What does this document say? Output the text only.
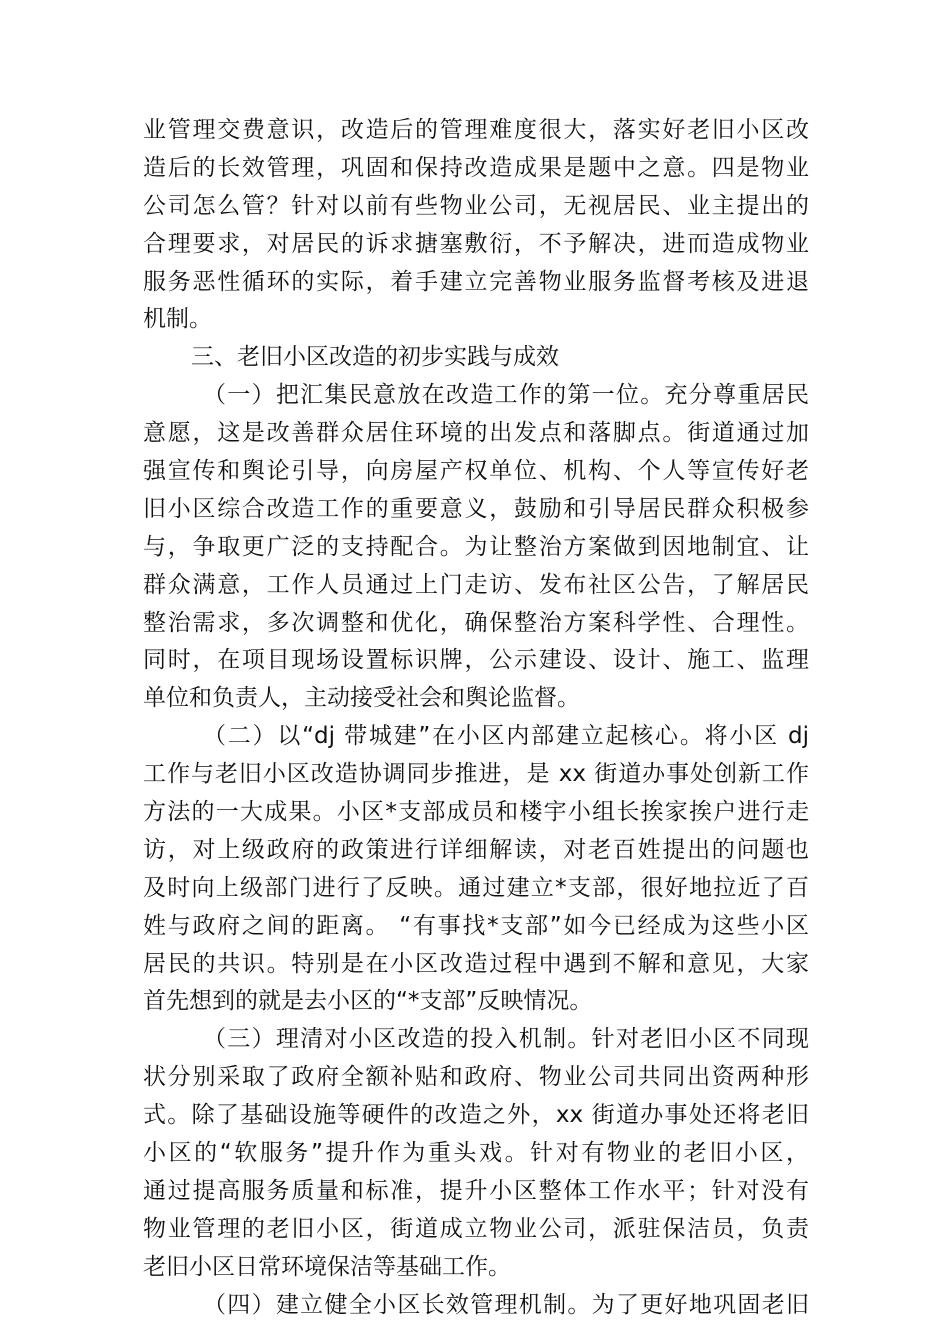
业管理交费意识，改造后的管理难度很大，落实好老旧小区改
造后的长效管理，巩固和保持改造成果是题中之意。四是物业
公司怎么管？针对以前有些物业公司，无视居民、业主提出的
合理要求，对居民的诉求搪塞敷衍，不予解决，进而造成物业
服务恶性循环的实际，着手建立完善物业服务监督考核及进退
机制。
三、老旧小区改造的初步实践与成效
（一）把汇集民意放在改造工作的第一位。充分尊重居民
意愿，这是改善群众居住环境的出发点和落脚点。街道通过加
强宣传和舆论引导，向房屋产权单位、机构、个人等宣传好老
旧小区综合改造工作的重要意义，鼓励和引导居民群众积极参
与，争取更广泛的支持配合。为让整治方案做到因地制宜、让
群众满意，工作人员通过上门走访、发布社区公告，了解居民
整治需求，多次调整和优化，确保整治方案科学性、合理性。
同时，在项目现场设置标识牌，公示建设、设计、施工、监理
单位和负责人，主动接受社会和舆论监督。
（二）以“dj 带城建”在小区内部建立起核心。将小区 dj
工作与老旧小区改造协调同步推进，是 xx 街道办事处创新工作
方法的一大成果。小区*支部成员和楼宇小组长挨家挨户进行走
访，对上级政府的政策进行详细解读，对老百姓提出的问题也
及时向上级部门进行了反映。通过建立*支部，很好地拉近了百
姓与政府之间的距离。 “有事找*支部”如今已经成为这些小区
居民的共识。特别是在小区改造过程中遇到不解和意见，大家
首先想到的就是去小区的“*支部”反映情况。
（三）理清对小区改造的投入机制。针对老旧小区不同现
状分别采取了政府全额补贴和政府、物业公司共同出资两种形
式。除了基础设施等硬件的改造之外，xx 街道办事处还将老旧
小区的“软服务”提升作为重头戏。针对有物业的老旧小区，
通过提高服务质量和标准，提升小区整体工作水平；针对没有
物业管理的老旧小区，街道成立物业公司，派驻保洁员，负责
老旧小区日常环境保洁等基础工作。
（四）建立健全小区长效管理机制。为了更好地巩固老旧
